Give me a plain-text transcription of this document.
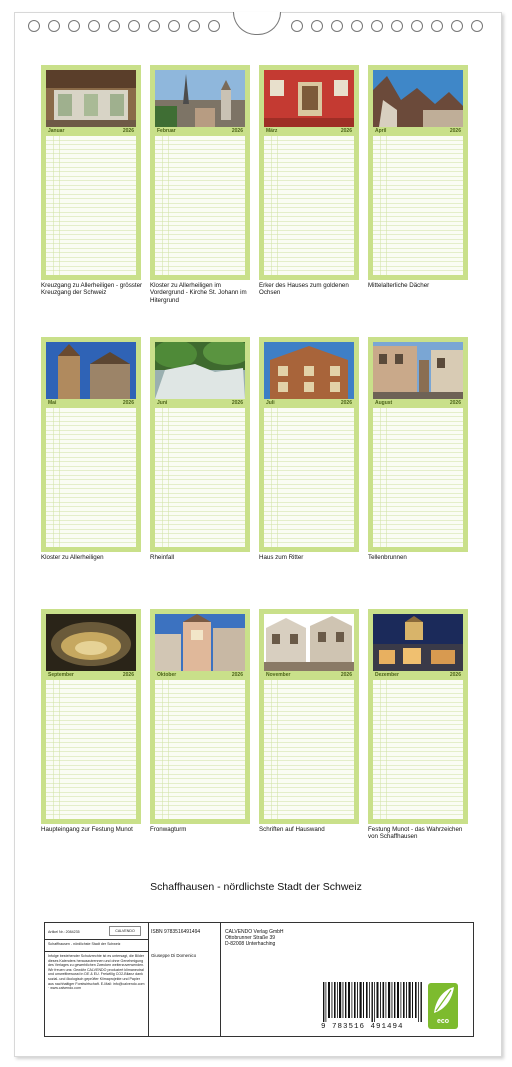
Januar	2026
Kreuzgang zu Allerheiligen - grösster Kreuzgang der Schweiz
Februar	2026
Kloster zu Allerheiligen im Vordergrund - Kirche St. Johann im Hitergrund
März	2026
Erker des Hauses zum goldenen Ochsen
April	2026
Mittelalterliche Dächer
Mai	2026
Kloster zu Allerheiligen
Juni	2026
Rheinfall
Juli	2026
Haus zum Ritter
August	2026
Tellenbrunnen
September	2026
Haupteingang zur Festung Munot
Oktober	2026
Fronwagturm
November	2026
Schriften auf Hauswand
Dezember	2026
Festung Munot - das Wahrzeichen von Schaffhausen
Schaffhausen - nördlichste Stadt der Schweiz
Artikel Nr.: 2084235	CALVENDO
Schaffhausen - nördlichste Stadt der Schweiz
Infolge bestehender Schutzrechte ist es untersagt, die Bilder dieses Kalenders herauszutrennen und ohne Genehmigung des Verlages zu gewerblichen Zwecken weiterzuverwenden. Wir freuen uns: Gewähr CALVENDO produziert klimaneutral und umweltbewusst in DE & EU. Freiwillig CO2-Bilanz dank sozial- und ökologisch geprüfter Klimaprojekte und Papier aus nachhaltiger Forstwirtschaft. E-Mail: info@calvendo.com · www.calvendo.com
ISBN 9783516491494
Giuseppe Di Domenico
CALVENDO Verlag GmbH
Ottobrunner Straße 39
D-82008 Unterhaching
9 783516 491494
eco
